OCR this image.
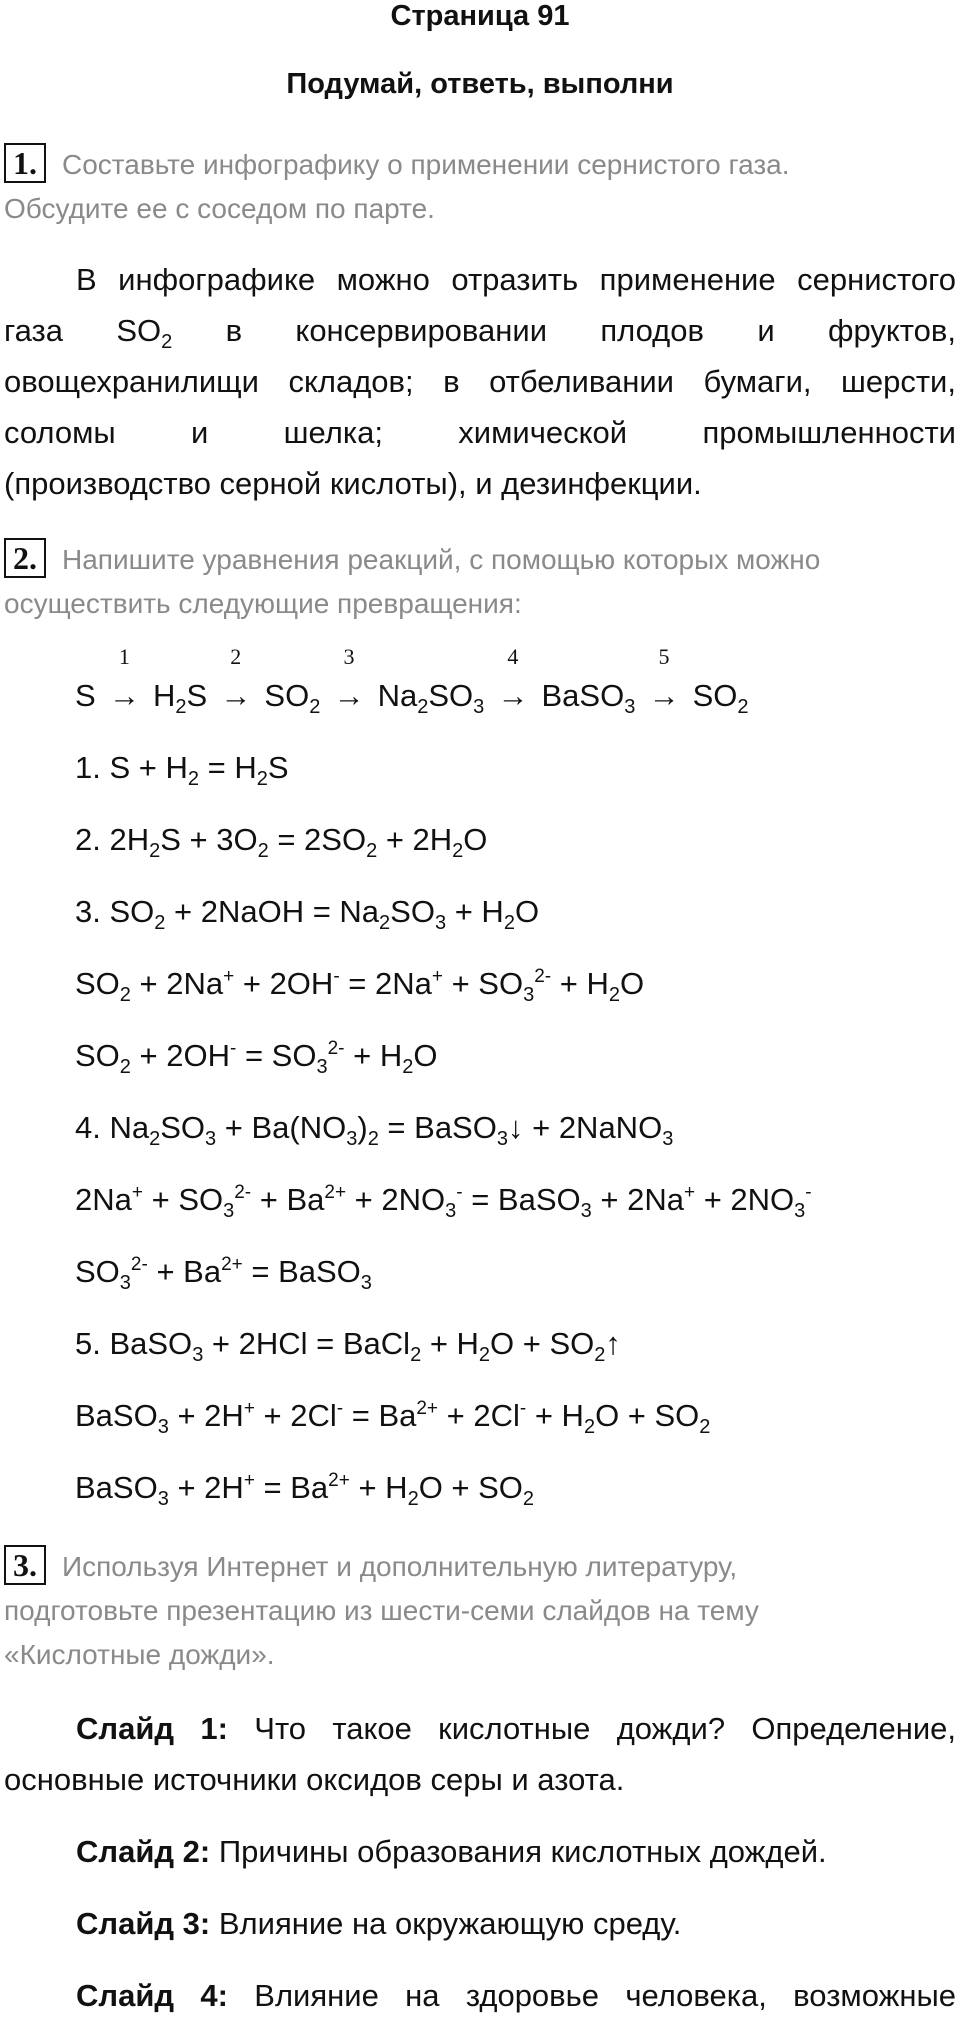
Страница 91
Подумай, ответь, выполни
1. Составьте инфографику о применении сернистого газа.
Обсудите ее с соседом по парте.
В инфографике можно отразить применение сернистого
газа $SO_2$ в консервировании плодов и фруктов,
овощехранилищи складов; в отбеливании бумаги, шерсти,
соломы и шелка; химической промышленности
(производство серной кислоты), и дезинфекции.
2. Напишите уравнения реакций, с помощью которых можно
осуществить следующие превращения:
S
1
→ $H_2S$
2
→ $SO_2$
3
→ $Na_2SO_3$
4
→ BaSO$_3$
5
→ $SO_2$
1. $S + H_2 = H_2S$
2. $2H_2S + 3O_2 = 2SO_2 + 2H_2O$
3. $SO_2$ + 2NaOH = $Na_2SO_3 + H_2O$
$SO_2 + 2Na^+ + 2OH^- = 2Na^+ + SO_3^{2-} + H_2O$
$SO_2 + 2OH^- = SO_3^{2-} + H_2O$
4. $Na_2SO_3 + Ba(NO_3)_2$ = BaSO$_3$↓ + 2NaNO$_3$
$2Na^+ + SO_3^{2-} + Ba^{2+} + 2NO_3^-$ = BaSO$_3$ + $2Na^+ + 2NO_3^-$
$SO_3^{2-} + Ba^{2+}$ = BaSO$_3$
5. BaSO$_3$ + 2HCl = BaCl$_2$ + $H_2O$ + $SO_2↑$
BaSO$_3$ + $2H^+ + 2Cl^- = Ba^{2+} + 2Cl^- + H_2O + SO_2$
BaSO$_3$ + $2H^+ = Ba^{2+} + H_2O + SO_2$
3. Используя Интернет и дополнительную литературу,
подготовьте презентацию из шести-семи слайдов на тему
«Кислотные дожди».
Слайд 1: Что такое кислотные дожди? Определение,
основные источники оксидов серы и азота.
Слайд 2: Причины образования кислотных дождей.
Слайд 3: Влияние на окружающую среду.
Слайд 4: Влияние на здоровье человека, возможные
